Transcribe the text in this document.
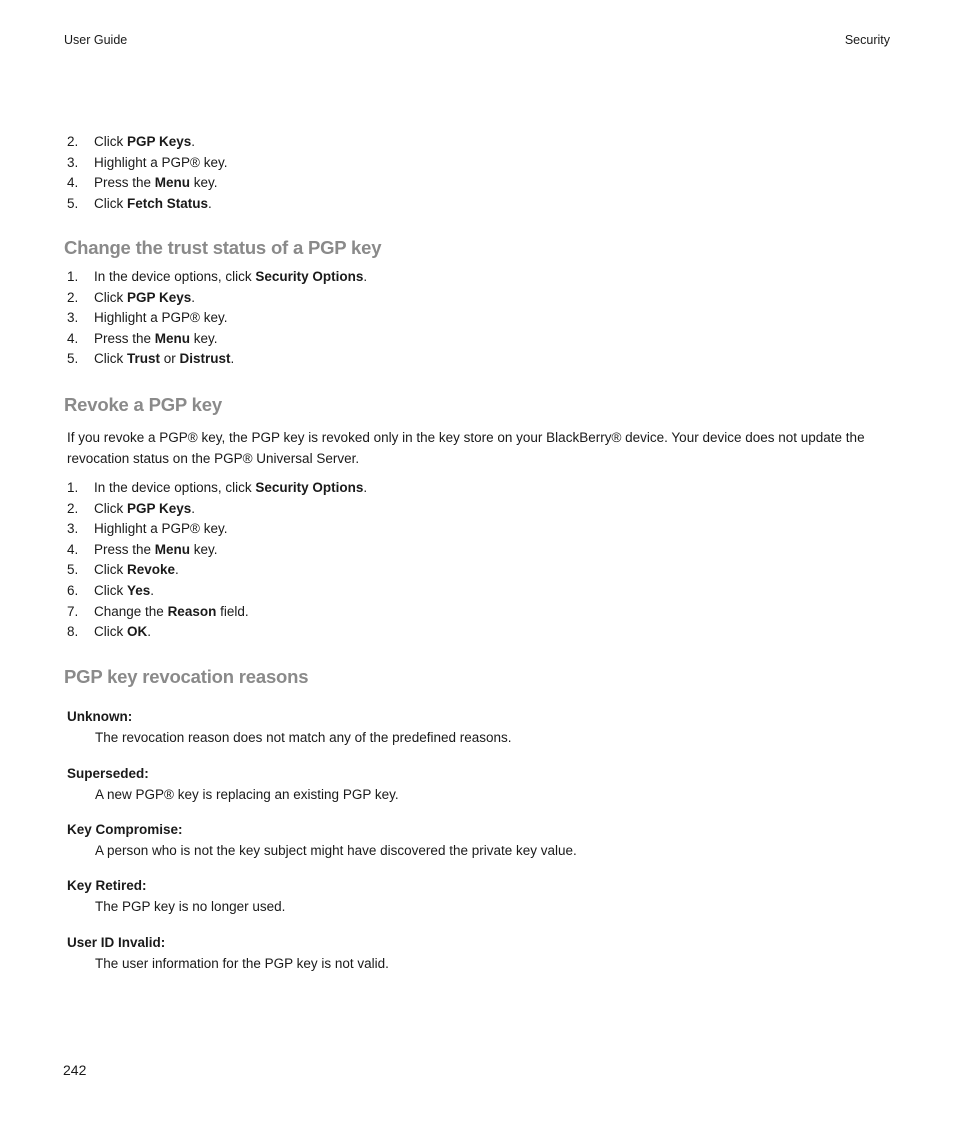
User Guide	Security
2. Click PGP Keys.
3. Highlight a PGP® key.
4. Press the Menu key.
5. Click Fetch Status.
Change the trust status of a PGP key
1. In the device options, click Security Options.
2. Click PGP Keys.
3. Highlight a PGP® key.
4. Press the Menu key.
5. Click Trust or Distrust.
Revoke a PGP key

If you revoke a PGP® key, the PGP key is revoked only in the key store on your BlackBerry® device. Your device does not update the revocation status on the PGP® Universal Server.

1. In the device options, click Security Options.
2. Click PGP Keys.
3. Highlight a PGP® key.
4. Press the Menu key.
5. Click Revoke.
6. Click Yes.
7. Change the Reason field.
8. Click OK.
PGP key revocation reasons

Unknown:

The revocation reason does not match any of the predefined reasons.

Superseded:

A new PGP® key is replacing an existing PGP key.

Key Compromise:

A person who is not the key subject might have discovered the private key value.

Key Retired:

The PGP key is no longer used.

User ID Invalid:

The user information for the PGP key is not valid.

242
